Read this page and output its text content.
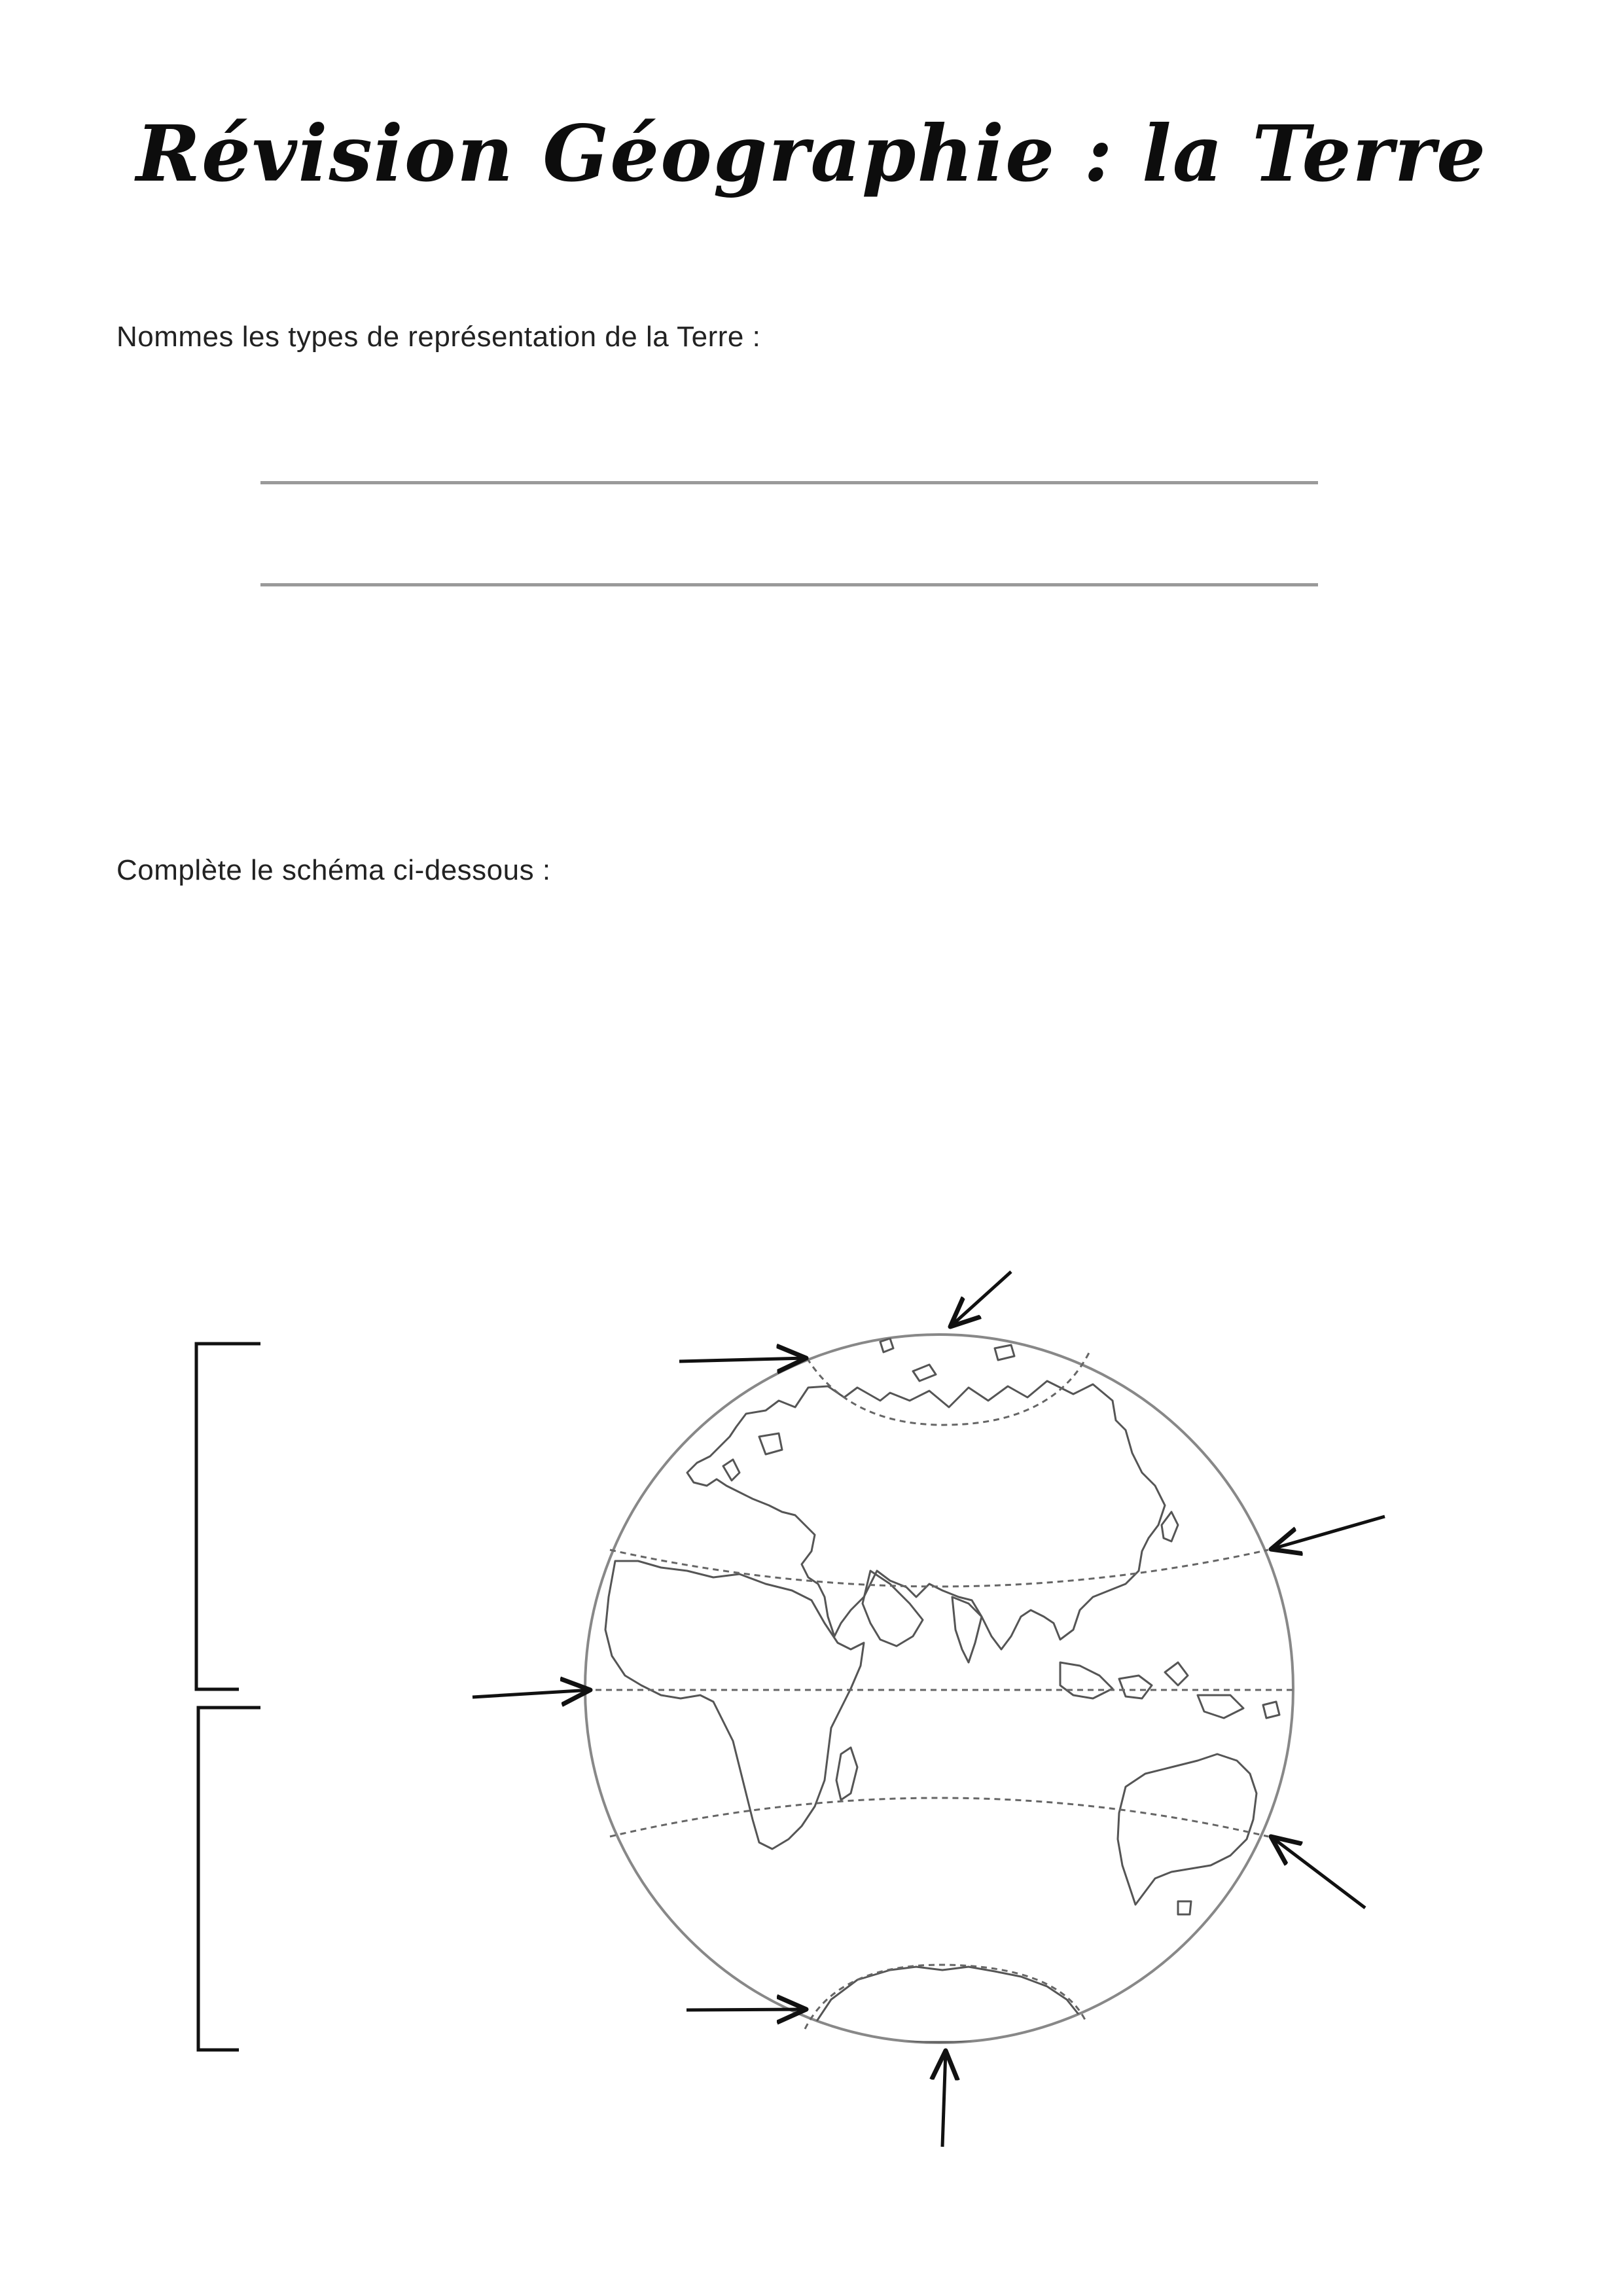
Révision Géographie : la Terre
Nommes les types de représentation de la Terre :
Complète le schéma ci-dessous :
